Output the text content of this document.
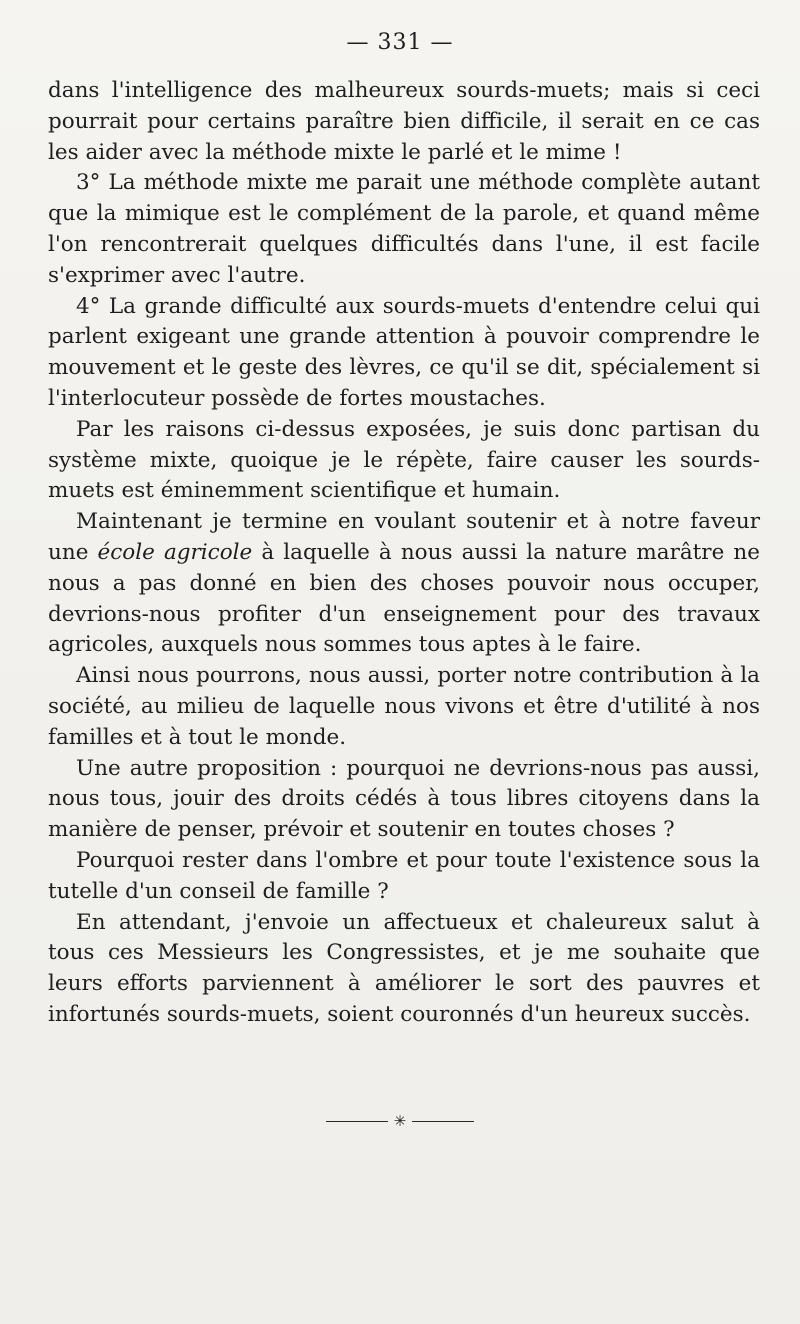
— 331 —

dans l'intelligence des malheureux sourds-muets; mais si ceci pourrait pour certains paraître bien difficile, il serait en ce cas les aider avec la méthode mixte le parlé et le mime !

3° La méthode mixte me parait une méthode complète autant que la mimique est le complément de la parole, et quand même l'on rencontrerait quelques difficultés dans l'une, il est facile s'exprimer avec l'autre.

4° La grande difficulté aux sourds-muets d'entendre celui qui parlent exigeant une grande attention à pouvoir comprendre le mouvement et le geste des lèvres, ce qu'il se dit, spécialement si l'interlocuteur possède de fortes moustaches.

Par les raisons ci-dessus exposées, je suis donc partisan du système mixte, quoique je le répète, faire causer les sourds-muets est éminemment scientifique et humain.

Maintenant je termine en voulant soutenir et à notre faveur une école agricole à laquelle à nous aussi la nature marâtre ne nous a pas donné en bien des choses pouvoir nous occuper, devrions-nous profiter d'un enseignement pour des travaux agricoles, auxquels nous sommes tous aptes à le faire.

Ainsi nous pourrons, nous aussi, porter notre contribution à la société, au milieu de laquelle nous vivons et être d'utilité à nos familles et à tout le monde.

Une autre proposition : pourquoi ne devrions-nous pas aussi, nous tous, jouir des droits cédés à tous libres citoyens dans la manière de penser, prévoir et soutenir en toutes choses ?

Pourquoi rester dans l'ombre et pour toute l'existence sous la tutelle d'un conseil de famille ?

En attendant, j'envoie un affectueux et chaleureux salut à tous ces Messieurs les Congressistes, et je me souhaite que leurs efforts parviennent à améliorer le sort des pauvres et infortunés sourds-muets, soient couronnés d'un heureux succès.

✳
